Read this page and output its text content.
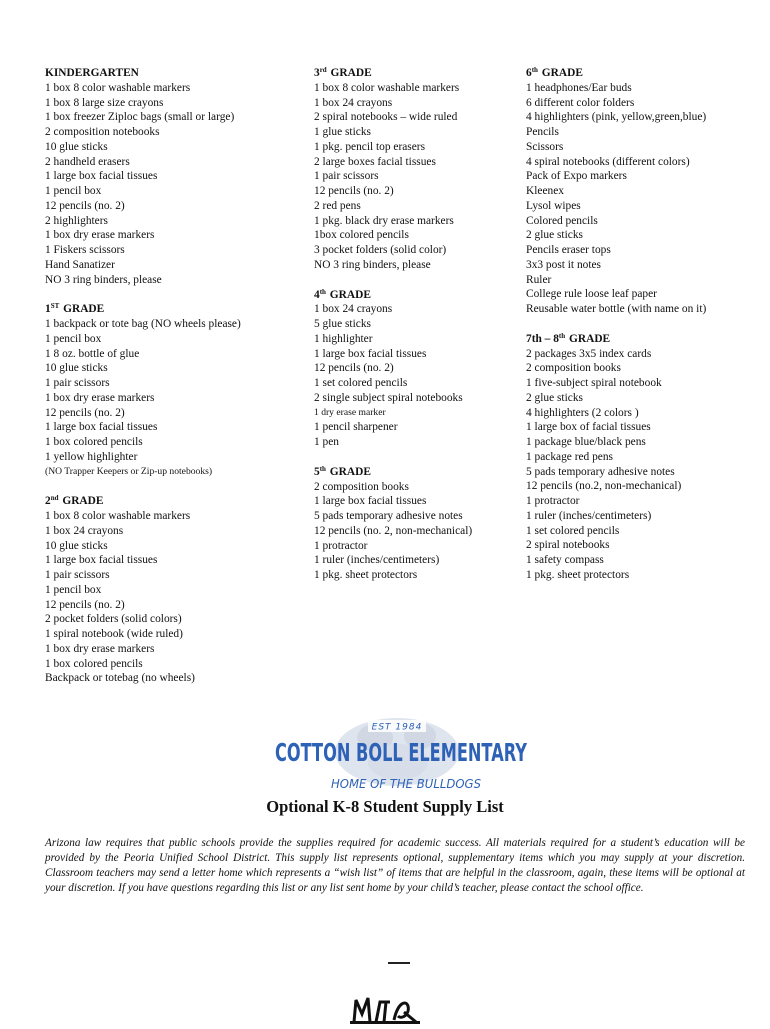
KINDERGARTEN
1 box 8 color washable markers
1 box 8 large size crayons
1 box freezer Ziploc bags (small or large)
2 composition notebooks
10 glue sticks
2 handheld erasers
1 large box facial tissues
1 pencil box
12 pencils (no. 2)
2 highlighters
1 box dry erase markers
1 Fiskers scissors
Hand Sanatizer
NO 3 ring binders, please
1ST GRADE
1 backpack or tote bag (NO wheels please)
1 pencil box
1 8 oz. bottle of glue
10 glue sticks
1 pair scissors
1 box dry erase markers
12 pencils (no. 2)
1 large box facial tissues
1 box colored pencils
1 yellow highlighter
(NO Trapper Keepers or Zip-up notebooks)
2nd GRADE
1 box 8 color washable markers
1 box 24 crayons
10 glue sticks
1 large box facial tissues
1 pair scissors
1 pencil box
12 pencils (no. 2)
2 pocket folders (solid colors)
1 spiral notebook (wide ruled)
1 box dry erase markers
1 box colored pencils
Backpack or totebag (no wheels)
3rd GRADE
1 box 8 color washable markers
1 box 24 crayons
2 spiral notebooks – wide ruled
1 glue sticks
1 pkg. pencil top erasers
2 large boxes facial tissues
1 pair scissors
12 pencils (no. 2)
2 red pens
1 pkg. black dry erase markers
1box colored pencils
3 pocket folders (solid color)
NO 3 ring binders, please
4th GRADE
1 box 24 crayons
5 glue sticks
1 highlighter
1 large box facial tissues
12 pencils (no. 2)
1 set colored pencils
2 single subject spiral notebooks
1 dry erase marker
1 pencil sharpener
1 pen
5th GRADE
2 composition books
1 large box facial tissues
5 pads temporary adhesive notes
12 pencils (no. 2, non-mechanical)
1 protractor
1 ruler (inches/centimeters)
1 pkg. sheet protectors
6th GRADE
1 headphones/Ear buds
6 different color folders
4 highlighters (pink, yellow,green,blue)
Pencils
Scissors
4 spiral notebooks (different colors)
Pack of Expo markers
Kleenex
Lysol wipes
Colored pencils
2 glue sticks
Pencils eraser tops
3x3 post it notes
Ruler
College rule loose leaf paper
Reusable water bottle (with name on it)
7th – 8th GRADE
2 packages 3x5 index cards
2 composition books
1 five-subject spiral notebook
2 glue sticks
4 highlighters (2 colors )
1 large box of facial tissues
1 package blue/black pens
1 package red pens
5 pads temporary adhesive notes
12 pencils (no.2, non-mechanical)
1 protractor
1 ruler (inches/centimeters)
1 set colored pencils
2 spiral notebooks
1 safety compass
1 pkg. sheet protectors
EST 1984
COTTON BOLL ELEMENTARY
HOME OF THE BULLDOGS
Optional K-8 Student Supply List
Arizona law requires that public schools provide the supplies required for academic success. All materials required for a student’s education will be provided by the Peoria Unified School District. This supply list represents optional, supplementary items which you may supply at your discretion. Classroom teachers may send a letter home which represents a “wish list” of items that are helpful in the classroom, again, these items will be optional at your discretion. If you have questions regarding this list or any list sent home by your child’s teacher, please contact the school office.
